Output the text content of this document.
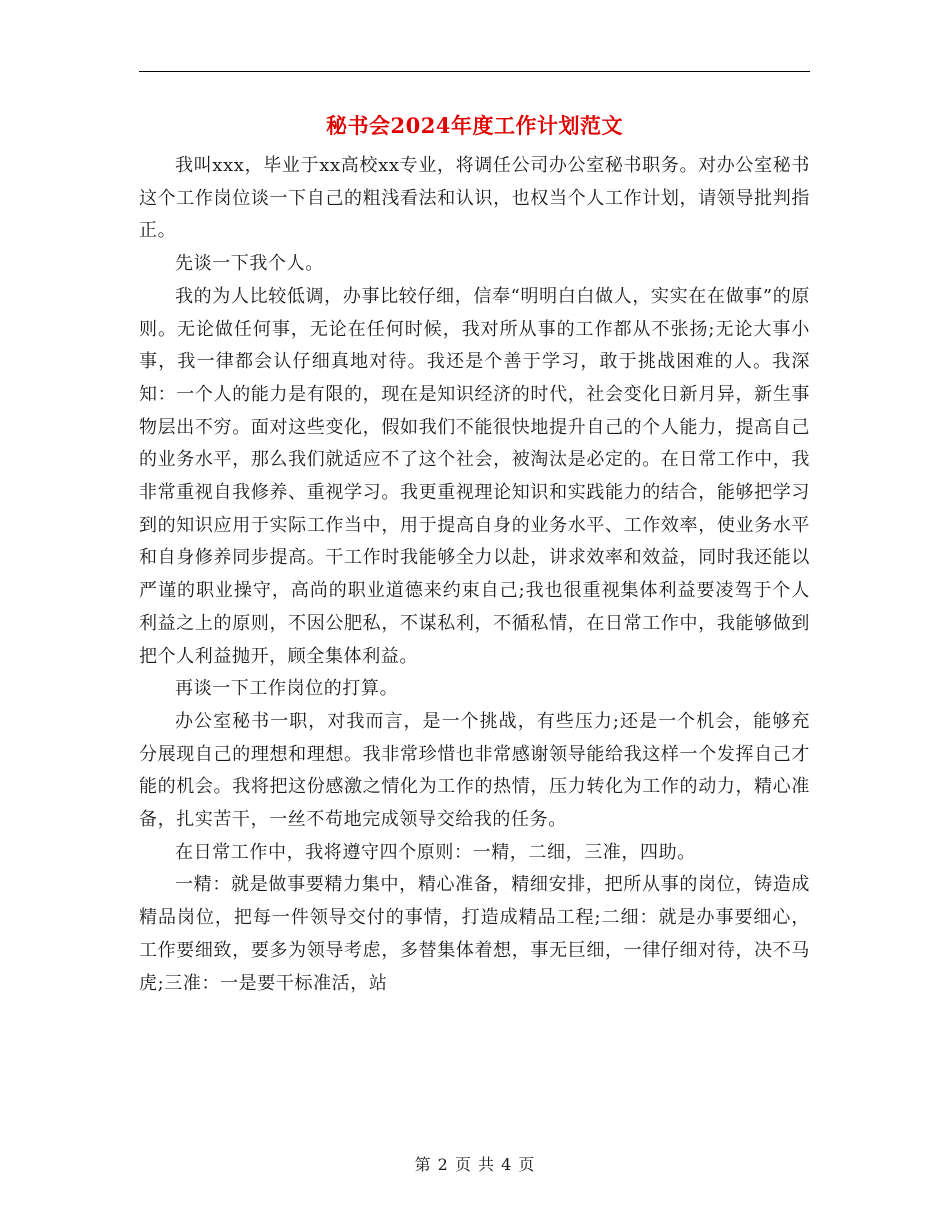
秘书会2024年度工作计划范文

我叫xxx，毕业于xx高校xx专业，将调任公司办公室秘书职务。对办公室秘书这个工作岗位谈一下自己的粗浅看法和认识，也权当个人工作计划，请领导批判指正。

先谈一下我个人。

我的为人比较低调，办事比较仔细，信奉“明明白白做人，实实在在做事”的原则。无论做任何事，无论在任何时候，我对所从事的工作都从不张扬;无论大事小事，我一律都会认仔细真地对待。我还是个善于学习，敢于挑战困难的人。我深知：一个人的能力是有限的，现在是知识经济的时代，社会变化日新月异，新生事物层出不穷。面对这些变化，假如我们不能很快地提升自己的个人能力，提高自己的业务水平，那么我们就适应不了这个社会，被淘汰是必定的。在日常工作中，我非常重视自我修养、重视学习。我更重视理论知识和实践能力的结合，能够把学习到的知识应用于实际工作当中，用于提高自身的业务水平、工作效率，使业务水平和自身修养同步提高。干工作时我能够全力以赴，讲求效率和效益，同时我还能以严谨的职业操守，高尚的职业道德来约束自己;我也很重视集体利益要凌驾于个人利益之上的原则，不因公肥私，不谋私利，不循私情，在日常工作中，我能够做到把个人利益抛开，顾全集体利益。

再谈一下工作岗位的打算。

办公室秘书一职，对我而言，是一个挑战，有些压力;还是一个机会，能够充分展现自己的理想和理想。我非常珍惜也非常感谢领导能给我这样一个发挥自己才能的机会。我将把这份感激之情化为工作的热情，压力转化为工作的动力，精心准备，扎实苦干，一丝不苟地完成领导交给我的任务。

在日常工作中，我将遵守四个原则：一精，二细，三准，四助。

一精：就是做事要精力集中，精心准备，精细安排，把所从事的岗位，铸造成精品岗位，把每一件领导交付的事情，打造成精品工程;二细：就是办事要细心，工作要细致，要多为领导考虑，多替集体着想，事无巨细，一律仔细对待，决不马虎;三准：一是要干标准活，站

第 2 页 共 4 页
